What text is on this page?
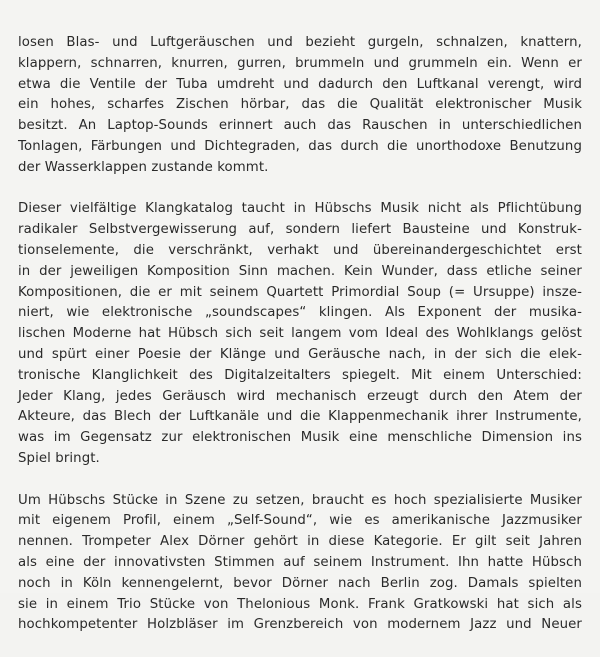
losen Blas- und Luftgeräuschen und bezieht gurgeln, schnalzen, knattern,
klappern, schnarren, knurren, gurren, brummeln und grummeln ein. Wenn er
etwa die Ventile der Tuba umdreht und dadurch den Luftkanal verengt, wird
ein hohes, scharfes Zischen hörbar, das die Qualität elektronischer Musik
besitzt. An Laptop-Sounds erinnert auch das Rauschen in unterschiedlichen
Tonlagen, Färbungen und Dichtegraden, das durch die unorthodoxe Benutzung
der Wasserklappen zustande kommt.
Dieser vielfältige Klangkatalog taucht in Hübschs Musik nicht als Pflichtübung
radikaler Selbstvergewisserung auf, sondern liefert Bausteine und Konstruk-
tionselemente, die verschränkt, verhakt und übereinandergeschichtet erst
in der jeweiligen Komposition Sinn machen. Kein Wunder, dass etliche seiner
Kompositionen, die er mit seinem Quartett Primordial Soup (= Ursuppe) insze-
niert, wie elektronische „soundscapes“ klingen. Als Exponent der musika-
lischen Moderne hat Hübsch sich seit langem vom Ideal des Wohlklangs gelöst
und spürt einer Poesie der Klänge und Geräusche nach, in der sich die elek-
tronische Klanglichkeit des Digitalzeitalters spiegelt. Mit einem Unterschied:
Jeder Klang, jedes Geräusch wird mechanisch erzeugt durch den Atem der
Akteure, das Blech der Luftkanäle und die Klappenmechanik ihrer Instrumente,
was im Gegensatz zur elektronischen Musik eine menschliche Dimension ins
Spiel bringt.
Um Hübschs Stücke in Szene zu setzen, braucht es hoch spezialisierte Musiker
mit eigenem Profil, einem „Self-Sound“, wie es amerikanische Jazzmusiker
nennen. Trompeter Alex Dörner gehört in diese Kategorie. Er gilt seit Jahren
als eine der innovativsten Stimmen auf seinem Instrument. Ihn hatte Hübsch
noch in Köln kennengelernt, bevor Dörner nach Berlin zog. Damals spielten
sie in einem Trio Stücke von Thelonious Monk. Frank Gratkowski hat sich als
hochkompetenter Holzbläser im Grenzbereich von modernem Jazz und Neuer
